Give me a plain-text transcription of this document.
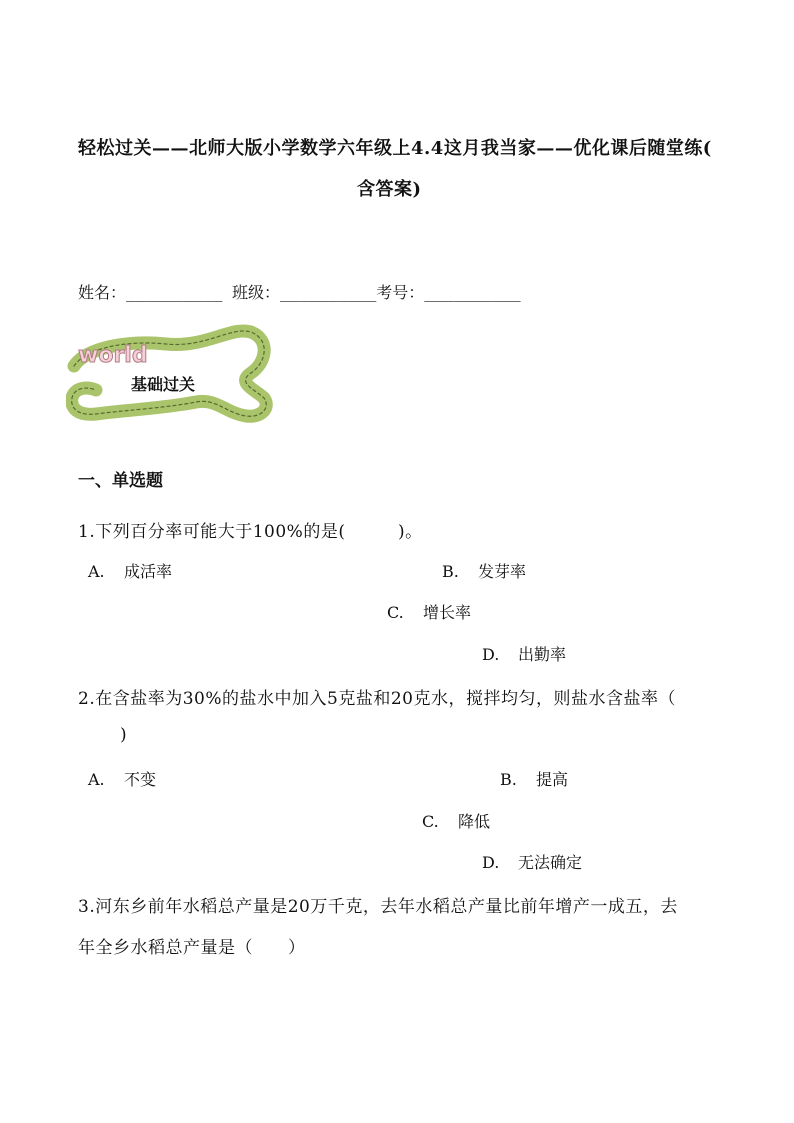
轻松过关——北师大版小学数学六年级上4.4这月我当家——优化课后随堂练(
含答案)
姓名：__________ 班级：__________考号：__________
world
基础过关
一、单选题
1.下列百分率可能大于100%的是(　　　)。
A. 成活率	B. 发芽率
C. 增长率
D. 出勤率
2.在含盐率为30%的盐水中加入5克盐和20克水，搅拌均匀，则盐水含盐率（
)
A. 不变	B. 提高
C. 降低
D. 无法确定
3.河东乡前年水稻总产量是20万千克，去年水稻总产量比前年增产一成五，去
年全乡水稻总产量是（　　）
